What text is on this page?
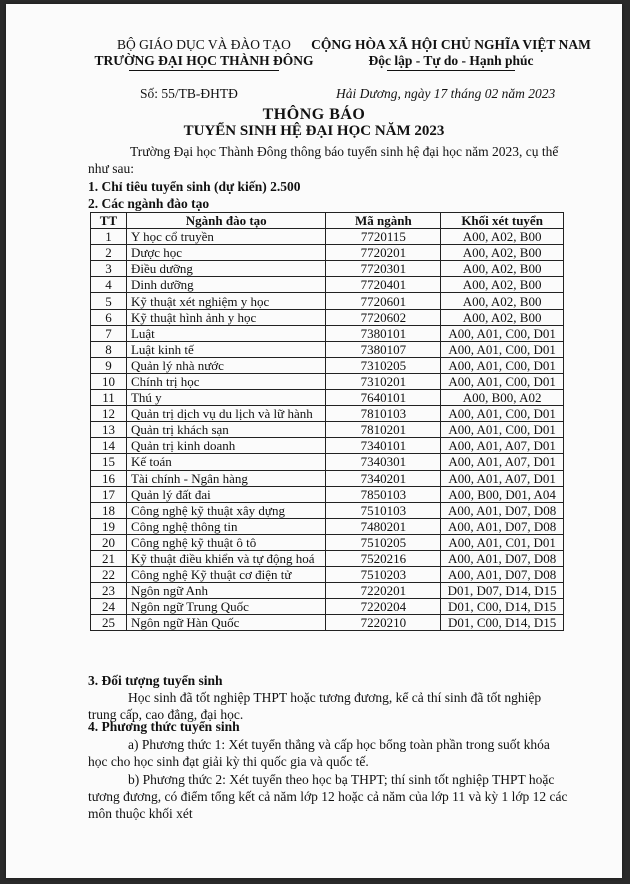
BỘ GIÁO DỤC VÀ ĐÀO TẠO
TRƯỜNG ĐẠI HỌC THÀNH ĐÔNG
CỘNG HÒA XÃ HỘI CHỦ NGHĨA VIỆT NAM
Độc lập - Tự do - Hạnh phúc
Số: 55/TB-ĐHTĐ	Hải Dương, ngày 17 tháng 02 năm 2023
THÔNG BÁO
TUYỂN SINH HỆ ĐẠI HỌC NĂM 2023
Trường Đại học Thành Đông thông báo tuyển sinh hệ đại học năm 2023, cụ thể như sau:
1. Chỉ tiêu tuyển sinh (dự kiến) 2.500
2. Các ngành đào tạo
TT	Ngành đào tạo	Mã ngành	Khối xét tuyển
1	Y học cổ truyền	7720115	A00, A02, B00
2	Dược học	7720201	A00, A02, B00
3	Điều dưỡng	7720301	A00, A02, B00
4	Dinh dưỡng	7720401	A00, A02, B00
5	Kỹ thuật xét nghiệm y học	7720601	A00, A02, B00
6	Kỹ thuật hình ảnh y học	7720602	A00, A02, B00
7	Luật	7380101	A00, A01, C00, D01
8	Luật kinh tế	7380107	A00, A01, C00, D01
9	Quản lý nhà nước	7310205	A00, A01, C00, D01
10	Chính trị học	7310201	A00, A01, C00, D01
11	Thú y	7640101	A00, B00, A02
12	Quản trị dịch vụ du lịch và lữ hành	7810103	A00, A01, C00, D01
13	Quản trị khách sạn	7810201	A00, A01, C00, D01
14	Quản trị kinh doanh	7340101	A00, A01, A07, D01
15	Kế toán	7340301	A00, A01, A07, D01
16	Tài chính - Ngân hàng	7340201	A00, A01, A07, D01
17	Quản lý đất đai	7850103	A00, B00, D01, A04
18	Công nghệ kỹ thuật xây dựng	7510103	A00, A01, D07, D08
19	Công nghệ thông tin	7480201	A00, A01, D07, D08
20	Công nghệ kỹ thuật ô tô	7510205	A00, A01, C01, D01
21	Kỹ thuật điều khiển và tự động hoá	7520216	A00, A01, D07, D08
22	Công nghệ Kỹ thuật cơ điện tử	7510203	A00, A01, D07, D08
23	Ngôn ngữ Anh	7220201	D01, D07, D14, D15
24	Ngôn ngữ Trung Quốc	7220204	D01, C00, D14, D15
25	Ngôn ngữ Hàn Quốc	7220210	D01, C00, D14, D15
3. Đối tượng tuyển sinh
Học sinh đã tốt nghiệp THPT hoặc tương đương, kể cả thí sinh đã tốt nghiệp trung cấp, cao đẳng, đại học.
4. Phương thức tuyển sinh
a) Phương thức 1: Xét tuyển thẳng và cấp học bổng toàn phần trong suốt khóa học cho học sinh đạt giải kỳ thi quốc gia và quốc tế.
b) Phương thức 2: Xét tuyển theo học bạ THPT; thí sinh tốt nghiệp THPT hoặc tương đương, có điểm tổng kết cả năm lớp 12 hoặc cả năm của lớp 11 và kỳ 1 lớp 12 các môn thuộc khối xét
